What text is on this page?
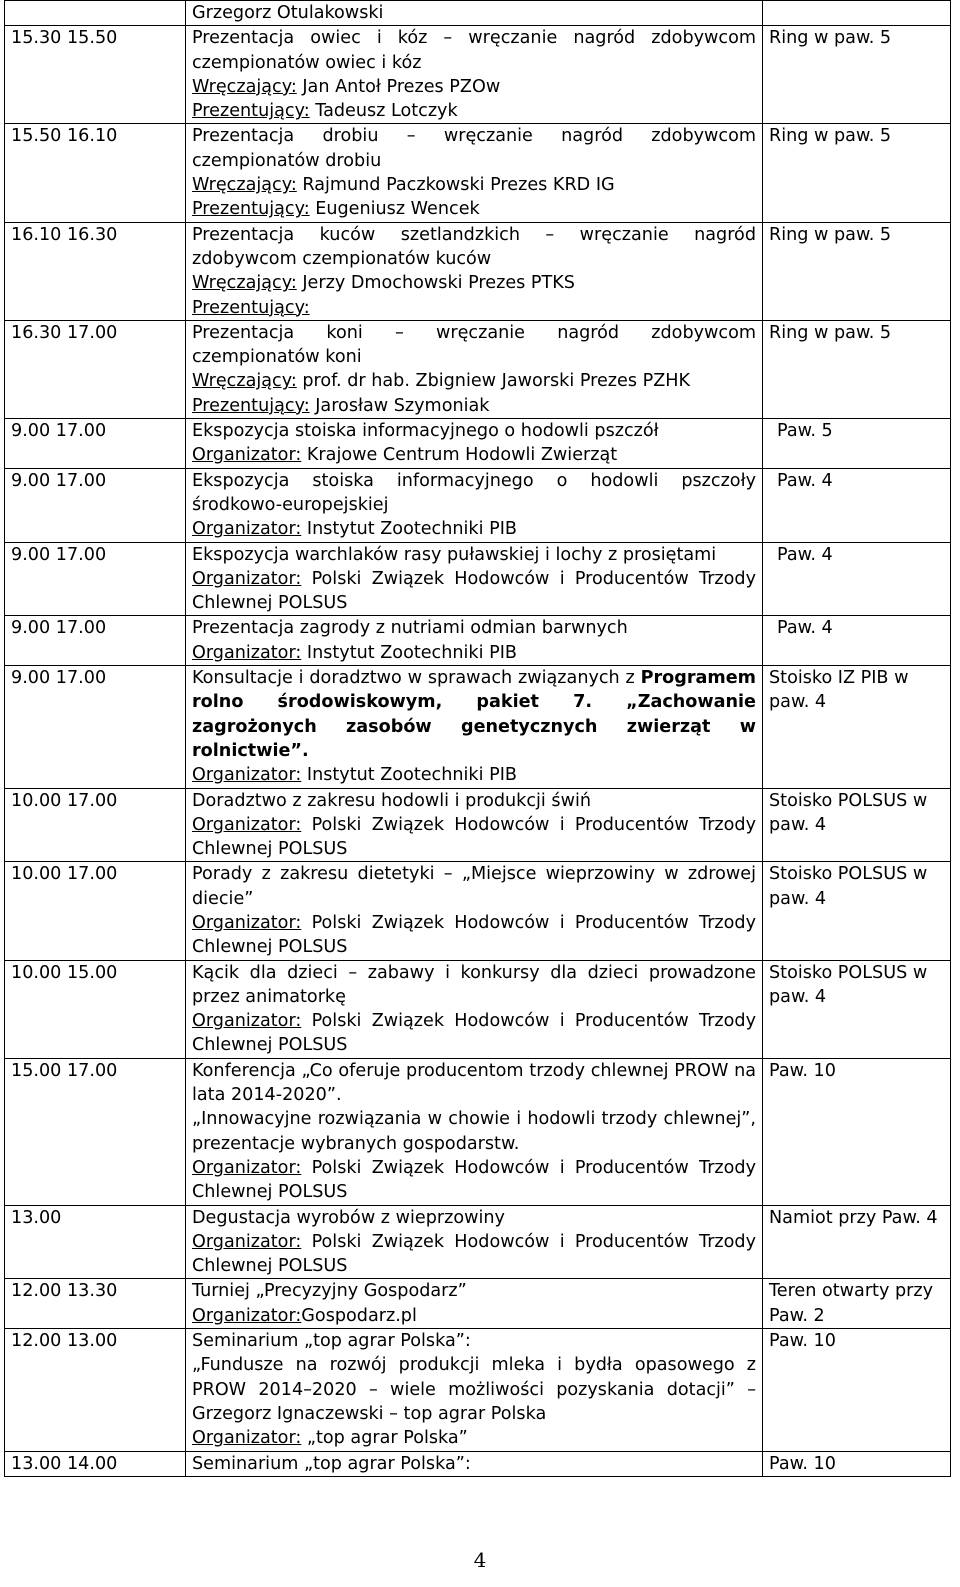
	Grzegorz Otulakowski	

15.30 15.50	Prezentacja owiec i kóz – wręczanie nagród zdobywcom czempionatów owiec i kóz
Wręczający: Jan Antoł Prezes PZOw
Prezentujący: Tadeusz Lotczyk	Ring w paw. 5
15.50 16.10	Prezentacja drobiu – wręczanie nagród zdobywcom czempionatów drobiu
Wręczający: Rajmund Paczkowski Prezes KRD IG
Prezentujący: Eugeniusz Wencek	Ring w paw. 5
16.10 16.30	Prezentacja kuców szetlandzkich – wręczanie nagród zdobywcom czempionatów kuców
Wręczający: Jerzy Dmochowski Prezes PTKS
Prezentujący:	Ring w paw. 5
16.30 17.00	Prezentacja koni – wręczanie nagród zdobywcom czempionatów koni
Wręczający: prof. dr hab. Zbigniew Jaworski Prezes PZHK
Prezentujący: Jarosław Szymoniak	Ring w paw. 5
9.00 17.00	Ekspozycja stoiska informacyjnego o hodowli pszczół
Organizator: Krajowe Centrum Hodowli Zwierząt	Paw. 5
9.00 17.00	Ekspozycja stoiska informacyjnego o hodowli pszczoły środkowo-europejskiej
Organizator: Instytut Zootechniki PIB	Paw. 4
9.00 17.00	Ekspozycja warchlaków rasy puławskiej i lochy z prosiętami
Organizator: Polski Związek Hodowców i Producentów Trzody Chlewnej POLSUS	Paw. 4
9.00 17.00	Prezentacja zagrody z nutriami odmian barwnych
Organizator: Instytut Zootechniki PIB	Paw. 4
9.00 17.00	Konsultacje i doradztwo w sprawach związanych z Programem rolno środowiskowym, pakiet 7. „Zachowanie zagrożonych zasobów genetycznych zwierząt w rolnictwie”.
Organizator: Instytut Zootechniki PIB	Stoisko IZ PIB w paw. 4
10.00 17.00	Doradztwo z zakresu hodowli i produkcji świń
Organizator: Polski Związek Hodowców i Producentów Trzody Chlewnej POLSUS	Stoisko POLSUS w paw. 4
10.00 17.00	Porady z zakresu dietetyki – „Miejsce wieprzowiny w zdrowej diecie”
Organizator: Polski Związek Hodowców i Producentów Trzody Chlewnej POLSUS	Stoisko POLSUS w paw. 4
10.00 15.00	Kącik dla dzieci – zabawy i konkursy dla dzieci prowadzone przez animatorkę
Organizator: Polski Związek Hodowców i Producentów Trzody Chlewnej POLSUS	Stoisko POLSUS w paw. 4
15.00 17.00	Konferencja „Co oferuje producentom trzody chlewnej PROW na lata 2014-2020”.
„Innowacyjne rozwiązania w chowie i hodowli trzody chlewnej”, prezentacje wybranych gospodarstw.
Organizator: Polski Związek Hodowców i Producentów Trzody Chlewnej POLSUS	Paw. 10
13.00	Degustacja wyrobów z wieprzowiny
Organizator: Polski Związek Hodowców i Producentów Trzody Chlewnej POLSUS	Namiot przy Paw. 4
12.00 13.30	Turniej „Precyzyjny Gospodarz”
Organizator:Gospodarz.pl	Teren otwarty przy Paw. 2
12.00 13.00	Seminarium „top agrar Polska”:
„Fundusze na rozwój produkcji mleka i bydła opasowego z PROW 2014–2020 – wiele możliwości pozyskania dotacji” – Grzegorz Ignaczewski – top agrar Polska
Organizator: „top agrar Polska”	Paw. 10
13.00 14.00	Seminarium „top agrar Polska”:	Paw. 10
4
